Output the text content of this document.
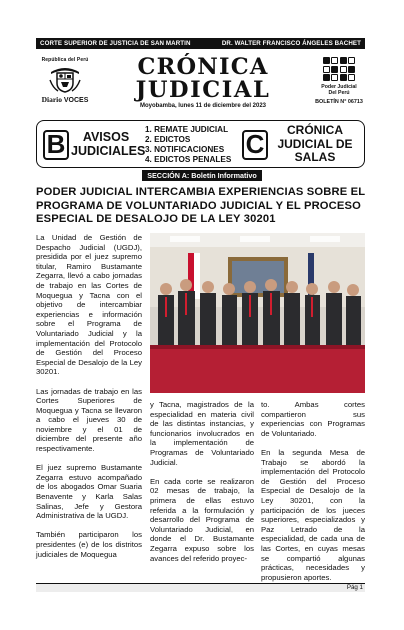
CORTE SUPERIOR DE JUSTICIA DE SAN MARTIN	DR. WALTER FRANCISCO ÁNGELES BACHET
República del Perú
Diario VOCES
CRÓNICA
JUDICIAL
Moyobamba, lunes 11 de diciembre del 2023
Poder Judicial
Del Perú
BOLETÍN N° 06713
B	AVISOS JUDICIALES
1. REMATE JUDICIAL
2. EDICTOS
3. NOTIFICACIONES
4. EDICTOS PENALES
C	CRÓNICA JUDICIAL DE SALAS
SECCIÓN A: Boletín Informativo
PODER JUDICIAL INTERCAMBIA EXPERIENCIAS SOBRE EL PROGRAMA DE VOLUNTARIADO JUDICIAL Y EL PROCESO ESPECIAL DE DESALOJO DE LA LEY 30201

La Unidad de Gestión de Despacho Judicial (UGDJ), presidida por el juez supremo titular, Ramiro Bustamante Zegarra, llevó a cabo jornadas de trabajo en las Cortes de Moquegua y Tacna con el objetivo de intercambiar experiencias e información sobre el Programa de Voluntariado Judicial y la implementación del Protocolo de Gestión del Proceso Especial de Desalojo de la Ley 30201.

Las jornadas de trabajo en las Cortes Superiores de Moquegua y Tacna se llevaron a cabo el jueves 30 de noviembre y el 01 de diciembre del presente año respectivamente.

El juez supremo Bustamante Zegarra estuvo acompañado de los abogados Omar Suaria Benavente y Karla Salas Salinas, Jefe y Gestora Administrativa de la UGDJ.

También participaron los presidentes (e) de los distritos judiciales de Moquegua

y Tacna, magistrados de la especialidad en materia civil de las distintas instancias, y funcionarios involucrados en la implementación de Programas de Voluntariado Judicial.

En cada corte se realizaron 02 mesas de trabajo, la primera de ellas estuvo referida a la formulación y desarrollo del Programa de Voluntariado Judicial, en donde el Dr. Bustamante Zegarra expuso sobre los avances del referido proyec-

to. Ambas cortes compartieron sus experiencias con Programas de Voluntariado.

En la segunda Mesa de Trabajo se abordó la implementación del Protocolo de Gestión del Proceso Especial de Desalojo de la Ley 30201, con la participación de los jueces superiores, especializados y Paz Letrado de la especialidad, de cada una de las Cortes, en cuyas mesas se compartió algunas prácticas, necesidades y propusieron aportes.

Pág 1
